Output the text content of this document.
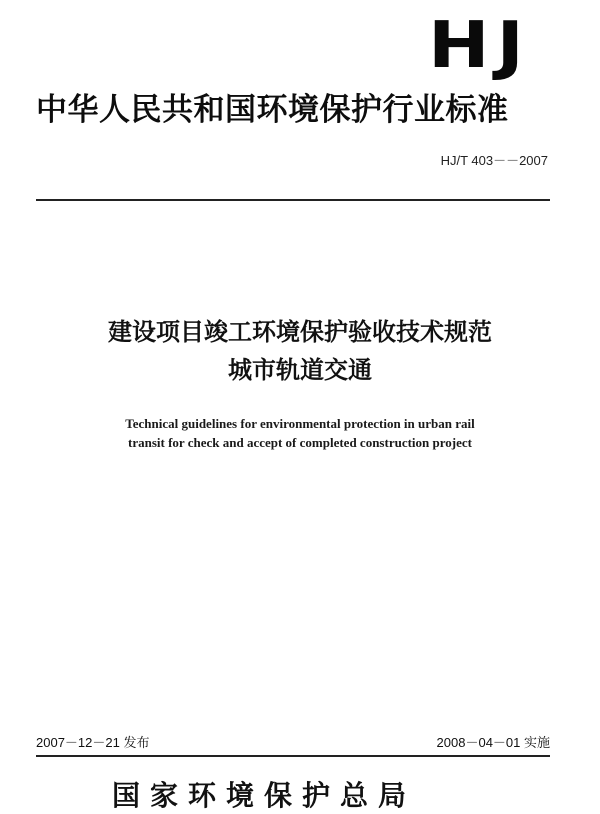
HJ
中华人民共和国环境保护行业标准
HJ/T 403－－2007
建设项目竣工环境保护验收技术规范
城市轨道交通
Technical guidelines for environmental protection in urban rail
transit for check and accept of completed construction project
2007－12－21 发布	2008－04－01 实施
国家环境保护总局
